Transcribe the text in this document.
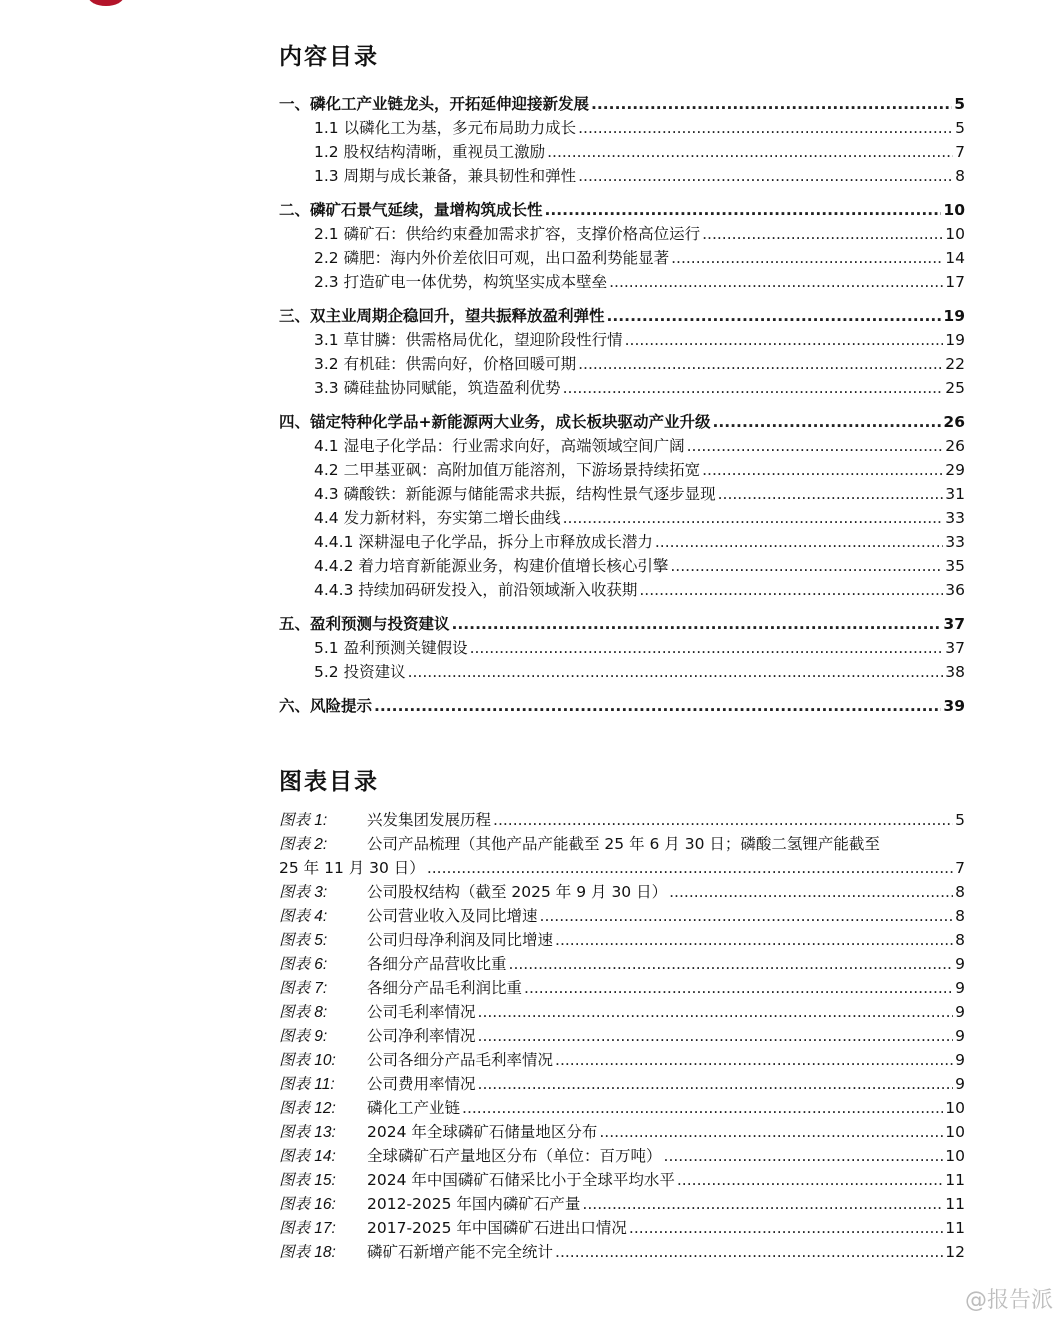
内容目录
一、磷化工产业链龙头，开拓延伸迎接新发展 .....	5
1.1 以磷化工为基，多元布局助力成长 .....	5
1.2 股权结构清晰，重视员工激励 .....	7
1.3 周期与成长兼备，兼具韧性和弹性 .....	8
二、磷矿石景气延续，量增构筑成长性 .....	10
2.1 磷矿石：供给约束叠加需求扩容，支撑价格高位运行 .....	10
2.2 磷肥：海内外价差依旧可观，出口盈利势能显著 .....	14
2.3 打造矿电一体优势，构筑坚实成本壁垒 .....	17
三、双主业周期企稳回升，望共振释放盈利弹性 .....	19
3.1 草甘膦：供需格局优化，望迎阶段性行情 .....	19
3.2 有机硅：供需向好，价格回暖可期 .....	22
3.3 磷硅盐协同赋能，筑造盈利优势 .....	25
四、锚定特种化学品+新能源两大业务，成长板块驱动产业升级 .....	26
4.1 湿电子化学品：行业需求向好，高端领域空间广阔 .....	26
4.2 二甲基亚砜：高附加值万能溶剂，下游场景持续拓宽 .....	29
4.3 磷酸铁：新能源与储能需求共振，结构性景气逐步显现 .....	31
4.4 发力新材料，夯实第二增长曲线 .....	33
4.4.1 深耕湿电子化学品，拆分上市释放成长潜力 .....	33
4.4.2 着力培育新能源业务，构建价值增长核心引擎 .....	35
4.4.3 持续加码研发投入，前沿领域渐入收获期 .....	36
五、盈利预测与投资建议 .....	37
5.1 盈利预测关键假设 .....	37
5.2 投资建议 .....	38
六、风险提示 .....	39
图表目录
图表 1:	兴发集团发展历程 .....	5
图表 2:	公司产品梳理（其他产品产能截至 25 年 6 月 30 日；磷酸二氢锂产能截至
25 年 11 月 30 日） .....	7
图表 3:	公司股权结构（截至 2025 年 9 月 30 日） .....	8
图表 4:	公司营业收入及同比增速 .....	8
图表 5:	公司归母净利润及同比增速 .....	8
图表 6:	各细分产品营收比重 .....	9
图表 7:	各细分产品毛利润比重 .....	9
图表 8:	公司毛利率情况 .....	9
图表 9:	公司净利率情况 .....	9
图表 10: 公司各细分产品毛利率情况 .....	9
图表 11: 公司费用率情况 .....	9
图表 12: 磷化工产业链 .....	10
图表 13: 2024 年全球磷矿石储量地区分布 .....	10
图表 14: 全球磷矿石产量地区分布（单位：百万吨） .....	10
图表 15: 2024 年中国磷矿石储采比小于全球平均水平 .....	11
图表 16: 2012-2025 年国内磷矿石产量 .....	11
图表 17: 2017-2025 年中国磷矿石进出口情况 .....	11
图表 18: 磷矿石新增产能不完全统计 .....	12
@报告派
